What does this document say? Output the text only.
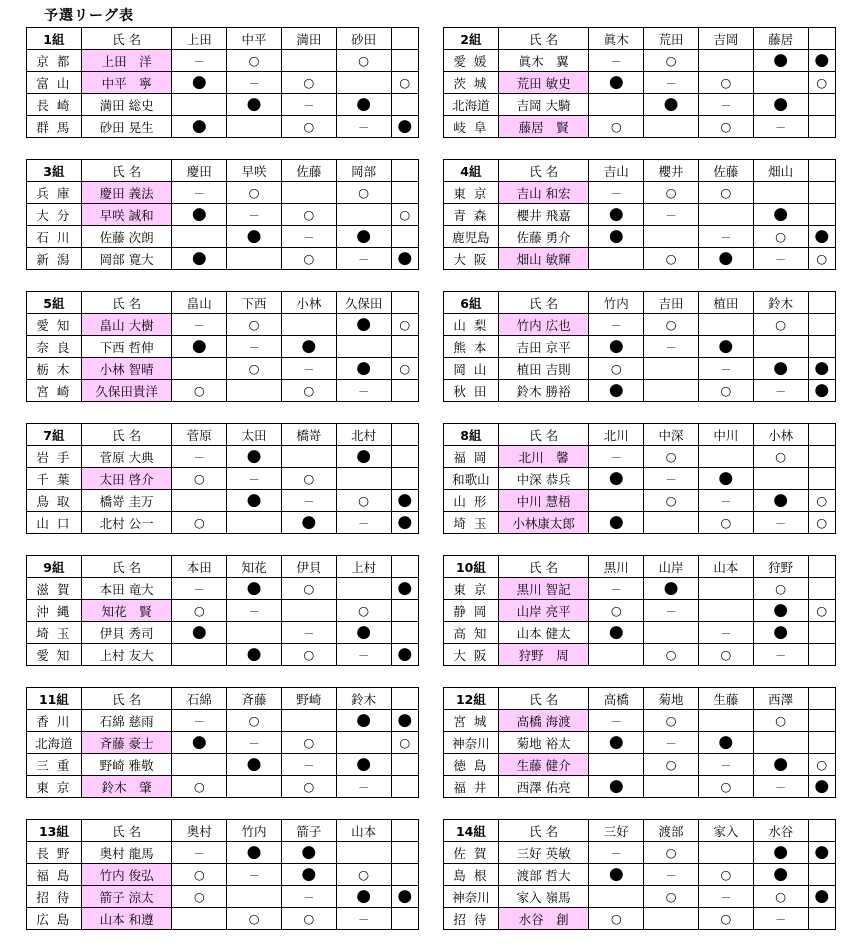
予選リーグ表
1組	氏 名	上田	中平	満田	砂田	
京 都	上田　洋	－	○		○	
富 山	中平　寧	●	－	○		○
長 崎	満田 総史		●	－	●	
群 馬	砂田 晃生	●		○	－	●
2組	氏 名	眞木	荒田	吉岡	藤居	
愛 媛	眞木　翼	－	○		●	●
茨 城	荒田 敏史	●	－	○		○
北海道	吉岡 大騎		●	－	●	
岐 阜	藤居　賢	○		○	－	
3組	氏 名	慶田	早咲	佐藤	岡部	
兵 庫	慶田 義法	－	○		○	
大 分	早咲 誠和	●	－	○		○
石 川	佐藤 次朗		●	－	●	
新 潟	岡部 寛大	●		○	－	●
4組	氏 名	吉山	櫻井	佐藤	畑山	
東 京	吉山 和宏	－	○	○		
青 森	櫻井 飛嘉	●	－		●	
鹿児島	佐藤 勇介	●		－	○	●
大 阪	畑山 敏輝		○	●	－	○
5組	氏 名	畠山	下西	小林	久保田	
愛 知	畠山 大樹	－	○		●	○
奈 良	下西 哲伸	●	－	●		
栃 木	小林 智晴		○	－	●	○
宮 崎	久保田貴洋	○		○	－	
6組	氏 名	竹内	吉田	植田	鈴木	
山 梨	竹内 広也	－	○		○	
熊 本	吉田 京平	●	－	●		
岡 山	植田 吉則	○		－	●	●
秋 田	鈴木 勝裕	●		○	－	●
7組	氏 名	菅原	太田	橋嵜	北村	
岩 手	菅原 大典	－	●		●	
千 葉	太田 啓介	○	－	○		
鳥 取	橋嵜 圭万		●	－	○	●
山 口	北村 公一	○		●	－	●
8組	氏 名	北川	中深	中川	小林	
福 岡	北川　馨	－	○		○	
和歌山	中深 恭兵	●	－	●		
山 形	中川 慧梧		○	－	●	○
埼 玉	小林康太郎	●		○	－	○
9組	氏 名	本田	知花	伊貝	上村	
滋 賀	本田 竜大	－	●	○		●
沖 縄	知花　賢	○	－		○	
埼 玉	伊貝 秀司	●		－	●	
愛 知	上村 友大		●	○	－	●
10組	氏 名	黒川	山岸	山本	狩野	
東 京	黒川 智記	－	●		○	
静 岡	山岸 亮平	○	－		●	○
高 知	山本 健太	●		－	●	
大 阪	狩野　周		○	○	－	
11組	氏 名	石綿	斉藤	野崎	鈴木	
香 川	石綿 慈雨	－	○		●	●
北海道	斉藤 豪士	●	－	○		○
三 重	野崎 雅敬		●	－	●	
東 京	鈴木　肇	○		○	－	
12組	氏 名	高橋	菊地	生藤	西澤	
宮 城	高橋 海渡	－	○		○	
神奈川	菊地 裕太	●	－	●		
徳 島	生藤 健介		○	－	●	○
福 井	西澤 佑亮	●		○	－	●
13組	氏 名	奥村	竹内	箭子	山本	
長 野	奥村 龍馬	－	●	●		
福 島	竹内 俊弘	○	－	●	○	
招 待	箭子 涼太	○		－	●	●
広 島	山本 和遵		○	○	－	
14組	氏 名	三好	渡部	家入	水谷	
佐 賀	三好 英敏	－	○		●	●
島 根	渡部 哲大	●	－	○	●	
神奈川	家入 嶺馬		○	－	○	●
招 待	水谷　創	○		○	－	
